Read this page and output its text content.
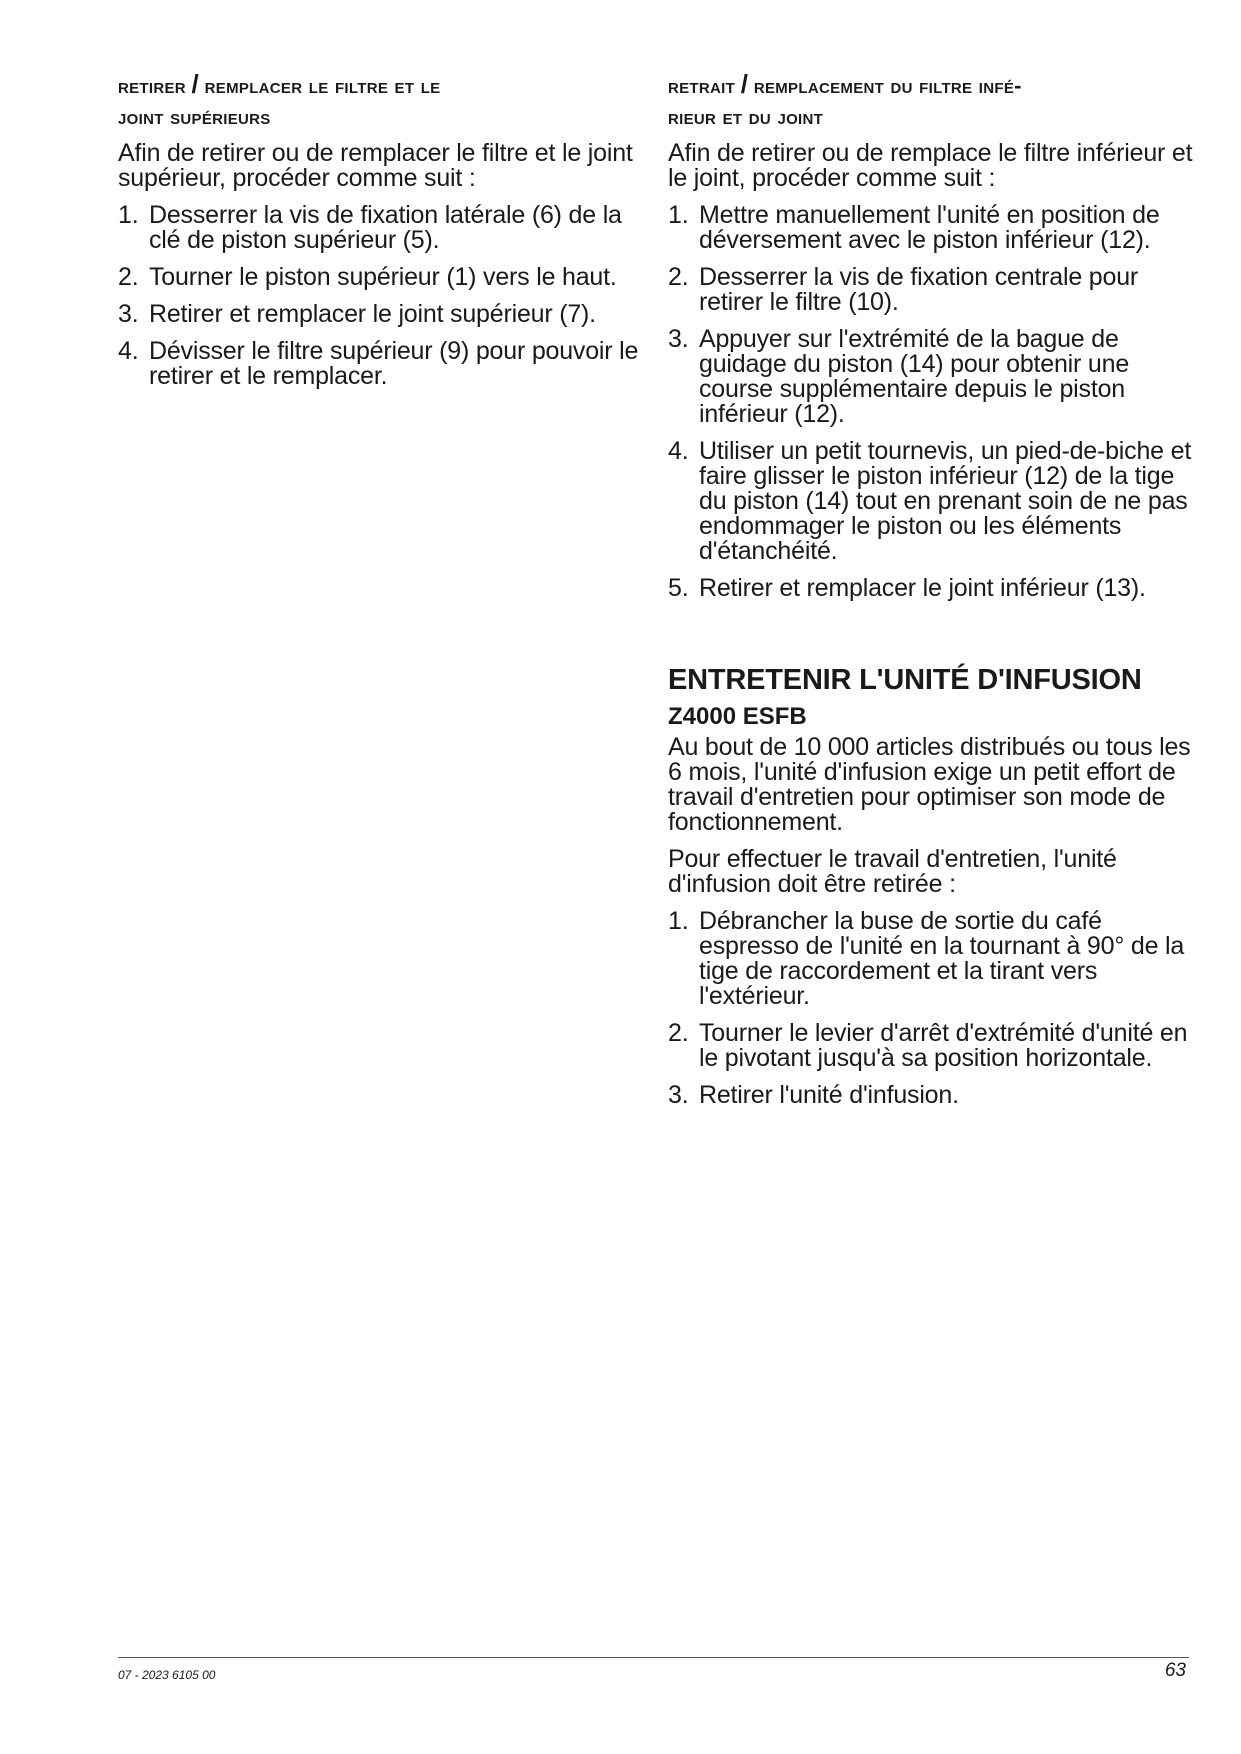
retirer / remplacer le filtre et le
joint supérieurs

Afin de retirer ou de remplacer le filtre et le joint supérieur, procéder comme suit :

1. Desserrer la vis de fixation latérale (6) de la clé de piston supérieur (5).
2. Tourner le piston supérieur (1) vers le haut.
3. Retirer et remplacer le joint supérieur (7).
4. Dévisser le filtre supérieur (9) pour pouvoir le retirer et le remplacer.
retrait / remplacement du filtre infé-
rieur et du joint

Afin de retirer ou de remplace le filtre inférieur et le joint, procéder comme suit :

1. Mettre manuellement l'unité en position de déversement avec le piston inférieur (12).
2. Desserrer la vis de fixation centrale pour retirer le filtre (10).
3. Appuyer sur l'extrémité de la bague de guidage du piston (14) pour obtenir une course supplémentaire depuis le piston inférieur (12).
4. Utiliser un petit tournevis, un pied-de-biche et faire glisser le piston inférieur (12) de la tige du piston (14) tout en prenant soin de ne pas endommager le piston ou les éléments d'étanchéité.
5. Retirer et remplacer le joint inférieur (13).
ENTRETENIR L'UNITÉ D'INFUSION
Z4000 ESFB

Au bout de 10 000 articles distribués ou tous les 6 mois, l'unité d'infusion exige un petit effort de travail d'entretien pour optimiser son mode de fonctionnement.

Pour effectuer le travail d'entretien, l'unité d'infusion doit être retirée :

1. Débrancher la buse de sortie du café espresso de l'unité en la tournant à 90° de la tige de raccordement et la tirant vers l'extérieur.
2. Tourner le levier d'arrêt d'extrémité d'unité en le pivotant jusqu'à sa position horizontale.
3. Retirer l'unité d'infusion.
07 - 2023 6105 00	63
